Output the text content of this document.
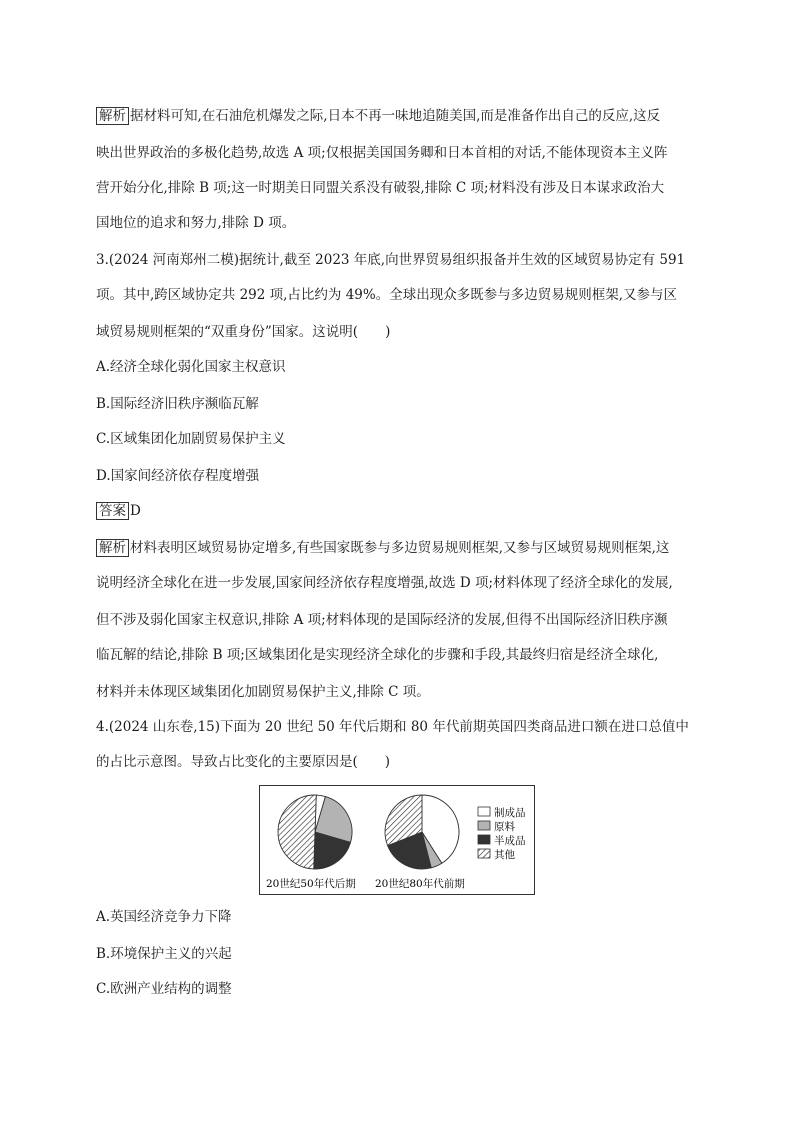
解析 据材料可知,在石油危机爆发之际,日本不再一味地追随美国,而是准备作出自己的反应,这反
映出世界政治的多极化趋势,故选 A 项;仅根据美国国务卿和日本首相的对话,不能体现资本主义阵
营开始分化,排除 B 项;这一时期美日同盟关系没有破裂,排除 C 项;材料没有涉及日本谋求政治大
国地位的追求和努力,排除 D 项。
3.(2024 河南郑州二模)据统计,截至 2023 年底,向世界贸易组织报备并生效的区域贸易协定有 591
项。其中,跨区域协定共 292 项,占比约为 49%。全球出现众多既参与多边贸易规则框架,又参与区
域贸易规则框架的“双重身份”国家。这说明(　　)
A.经济全球化弱化国家主权意识
B.国际经济旧秩序濒临瓦解
C.区域集团化加剧贸易保护主义
D.国家间经济依存程度增强
答案 D
解析 材料表明区域贸易协定增多,有些国家既参与多边贸易规则框架,又参与区域贸易规则框架,这
说明经济全球化在进一步发展,国家间经济依存程度增强,故选 D 项;材料体现了经济全球化的发展,
但不涉及弱化国家主权意识,排除 A 项;材料体现的是国际经济的发展,但得不出国际经济旧秩序濒
临瓦解的结论,排除 B 项;区域集团化是实现经济全球化的步骤和手段,其最终归宿是经济全球化,
材料并未体现区域集团化加剧贸易保护主义,排除 C 项。
4.(2024 山东卷,15)下面为 20 世纪 50 年代后期和 80 年代前期英国四类商品进口额在进口总值中
的占比示意图。导致占比变化的主要原因是(　　)
20世纪50年代后期 20世纪80年代前期
制成品
原料
半成品
其他
A.英国经济竞争力下降
B.环境保护主义的兴起
C.欧洲产业结构的调整
